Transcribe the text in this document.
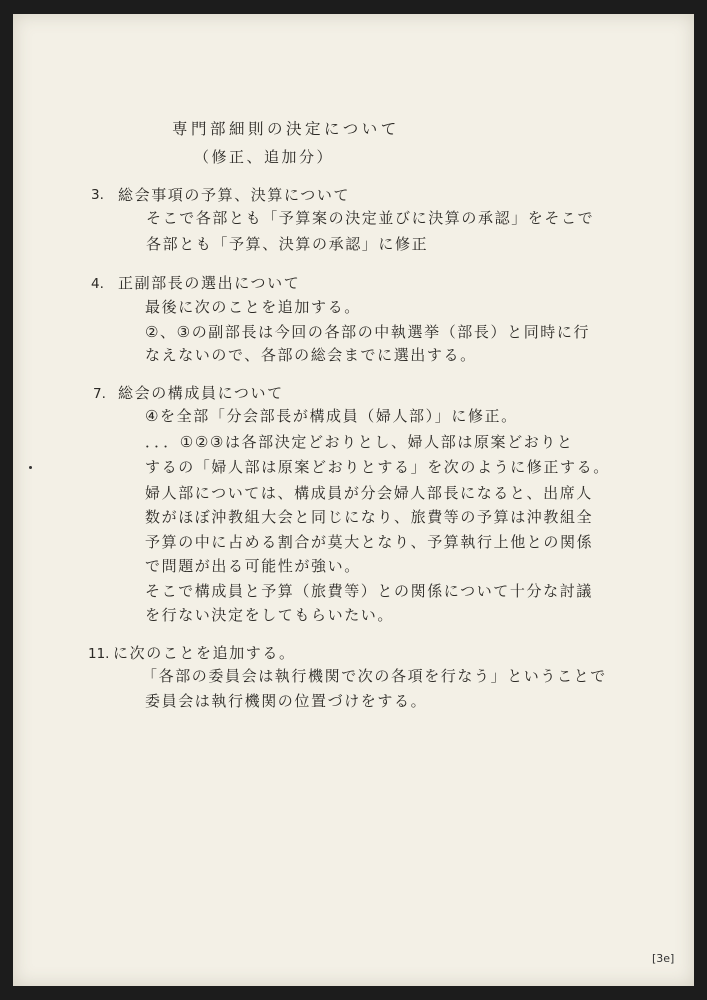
専門部細則の決定について
（修正、追加分）
3. 総会事項の予算、決算について
そこで各部とも「予算案の決定並びに決算の承認」をそこで
各部とも「予算、決算の承認」に修正
4. 正副部長の選出について
最後に次のことを追加する。
②、③の副部長は今回の各部の中執選挙（部長）と同時に行
なえないので、各部の総会までに選出する。
7. 総会の構成員について
④を全部「分会部長が構成員（婦人部）」に修正。
．．．①②③は各部決定どおりとし、婦人部は原案どおりと
するの「婦人部は原案どおりとする」を次のように修正する。
婦人部については、構成員が分会婦人部長になると、出席人
数がほぼ沖教組大会と同じになり、旅費等の予算は沖教組全
予算の中に占める割合が莫大となり、予算執行上他との関係
で問題が出る可能性が強い。
そこで構成員と予算（旅費等）との関係について十分な討議
を行ない決定をしてもらいたい。
11. に次のことを追加する。
「各部の委員会は執行機関で次の各項を行なう」ということで
委員会は執行機関の位置づけをする。
[3e]
